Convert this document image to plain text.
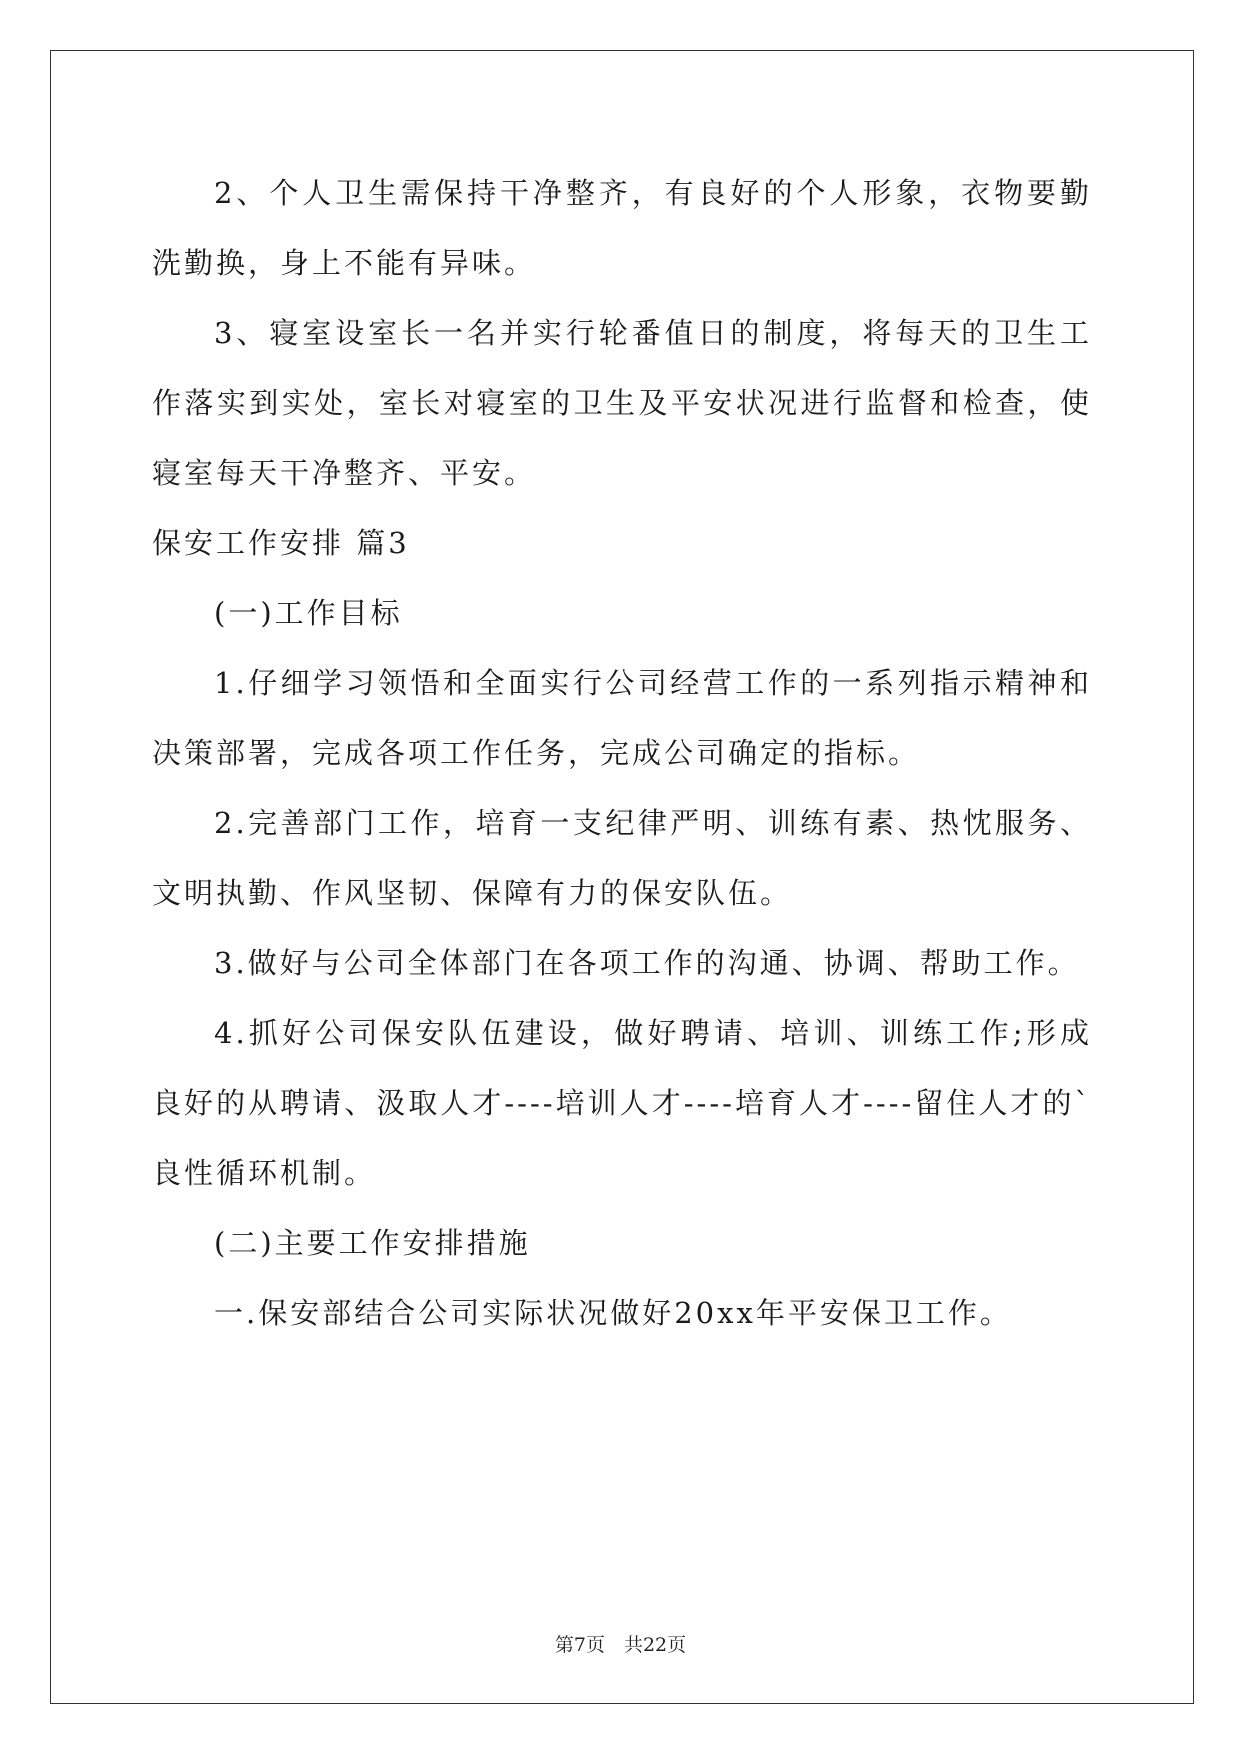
2、个人卫生需保持干净整齐，有良好的个人形象，衣物要勤洗勤换，身上不能有异味。

3、寝室设室长一名并实行轮番值日的制度，将每天的卫生工作落实到实处，室长对寝室的卫生及平安状况进行监督和检查，使寝室每天干净整齐、平安。

保安工作安排 篇3

(一)工作目标

1.仔细学习领悟和全面实行公司经营工作的一系列指示精神和决策部署，完成各项工作任务，完成公司确定的指标。

2.完善部门工作，培育一支纪律严明、训练有素、热忱服务、文明执勤、作风坚韧、保障有力的保安队伍。

3.做好与公司全体部门在各项工作的沟通、协调、帮助工作。

4.抓好公司保安队伍建设，做好聘请、培训、训练工作;形成良好的从聘请、汲取人才----培训人才----培育人才----留住人才的`良性循环机制。

(二)主要工作安排措施

一.保安部结合公司实际状况做好20xx年平安保卫工作。

第7页　共22页
